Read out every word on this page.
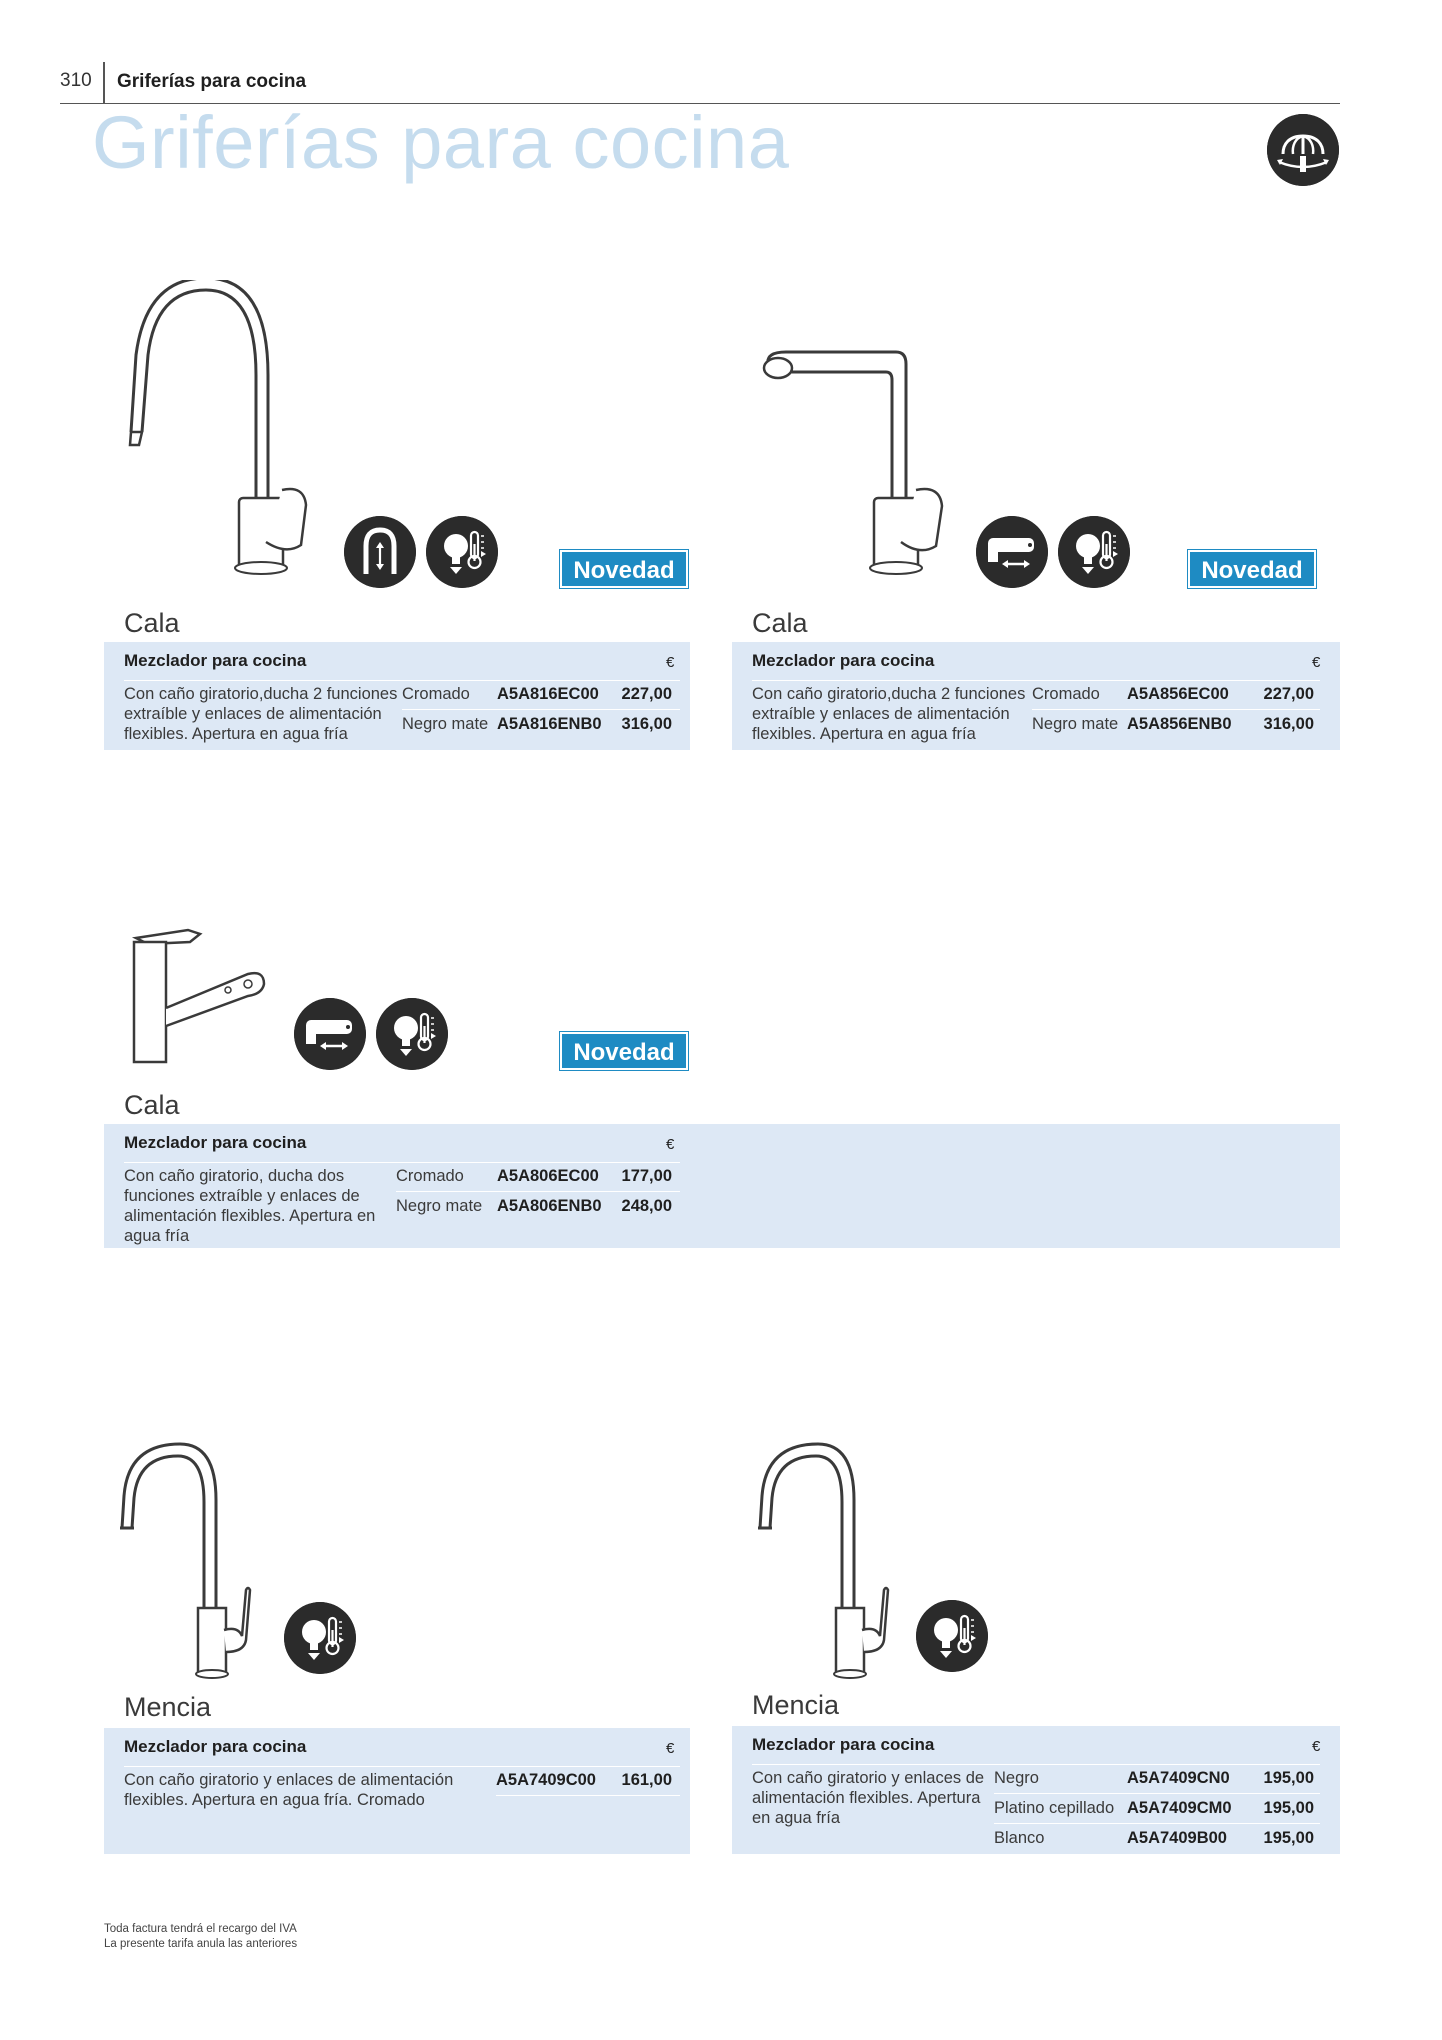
310 Griferías para cocina
Griferías para cocina
Novedad
Cala
Mezclador para cocina	€
Con caño giratorio,ducha 2 funciones extraíble y enlaces de alimentación flexibles. Apertura en agua fría
Cromado A5A816EC00 227,00
Negro mate A5A816ENB0 316,00
Novedad
Cala
Mezclador para cocina	€
Con caño giratorio,ducha 2 funciones extraíble y enlaces de alimentación flexibles. Apertura en agua fría
Cromado A5A856EC00 227,00
Negro mate A5A856ENB0 316,00
Novedad
Cala
Mezclador para cocina	€
Con caño giratorio, ducha dos funciones extraíble y enlaces de alimentación flexibles. Apertura en agua fría
Cromado A5A806EC00 177,00
Negro mate A5A806ENB0 248,00
Mencia
Mezclador para cocina	€
Con caño giratorio y enlaces de alimentación flexibles. Apertura en agua fría. Cromado
A5A7409C00 161,00
Mencia
Mezclador para cocina	€
Con caño giratorio y enlaces de alimentación flexibles. Apertura en agua fría
Negro	A5A7409CN0 195,00
Platino cepillado A5A7409CM0 195,00
Blanco	A5A7409B00 195,00
Toda factura tendrá el recargo del IVA
La presente tarifa anula las anteriores
